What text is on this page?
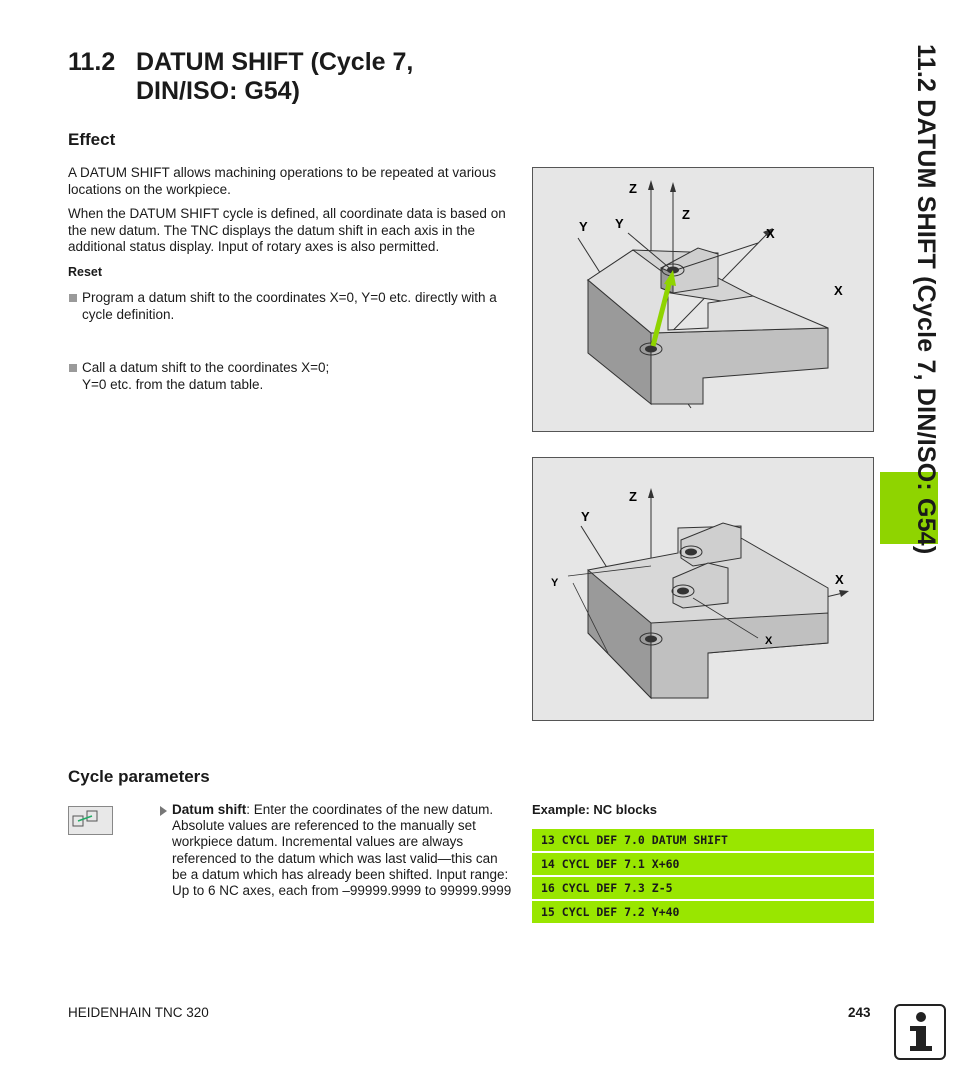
11.2 DATUM SHIFT (Cycle 7,
DIN/ISO: G54)	11.2 DATUM SHIFT (Cycle 7, DIN/ISO: G54)
Effect

A DATUM SHIFT allows machining operations to be repeated at various locations on the workpiece.

When the DATUM SHIFT cycle is defined, all coordinate data is based on the new datum. The TNC displays the datum shift in each axis in the additional status display. Input of rotary axes is also permitted.

Reset

Program a datum shift to the coordinates X=0, Y=0 etc. directly with a cycle definition.
Call a datum shift to the coordinates X=0; Y=0 etc. from the datum table.
Z
Y Y
Z
X
X
Z
Y
X
Y
X
Cycle parameters
Datum shift: Enter the coordinates of the new datum. Absolute values are referenced to the manually set workpiece datum. Incremental values are always referenced to the datum which was last valid—this can be a datum which has already been shifted. Input range: Up to 6 NC axes, each from –99999.9999 to 99999.9999

Example: NC blocks

13 CYCL DEF 7.0 DATUM SHIFT
14 CYCL DEF 7.1 X+60
16 CYCL DEF 7.3 Z-5
15 CYCL DEF 7.2 Y+40
HEIDENHAIN TNC 320	243
